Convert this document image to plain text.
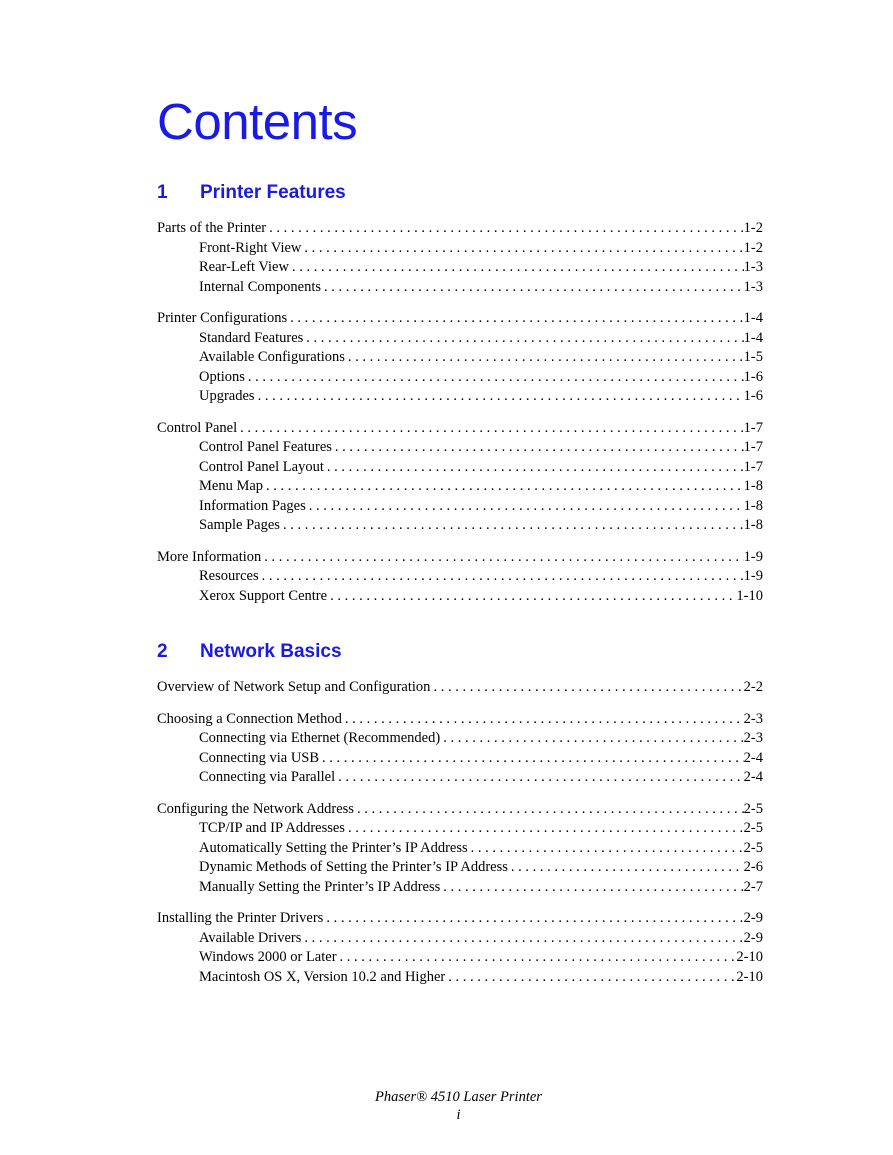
Contents
1 Printer Features
Parts of the Printer . . .	1-2
Front-Right View . . .	1-2
Rear-Left View . . .	1-3
Internal Components . . .	1-3
Printer Configurations . . .	1-4
Standard Features . . .	1-4
Available Configurations . . .	1-5
Options . . .	1-6
Upgrades . . .	1-6
Control Panel . . .	1-7
Control Panel Features . . .	1-7
Control Panel Layout . . .	1-7
Menu Map . . .	1-8
Information Pages . . .	1-8
Sample Pages . . .	1-8
More Information . . .	1-9
Resources . . .	1-9
Xerox Support Centre . . .	1-10
2 Network Basics
Overview of Network Setup and Configuration . . .	2-2
Choosing a Connection Method . . .	2-3
Connecting via Ethernet (Recommended) . . .	2-3
Connecting via USB . . .	2-4
Connecting via Parallel . . .	2-4
Configuring the Network Address . . .	2-5
TCP/IP and IP Addresses . . .	2-5
Automatically Setting the Printer’s IP Address . . .	2-5
Dynamic Methods of Setting the Printer’s IP Address . . .	2-6
Manually Setting the Printer’s IP Address . . .	2-7
Installing the Printer Drivers . . .	2-9
Available Drivers . . .	2-9
Windows 2000 or Later . . .	2-10
Macintosh OS X, Version 10.2 and Higher . . .	2-10
Phaser® 4510 Laser Printer
i
